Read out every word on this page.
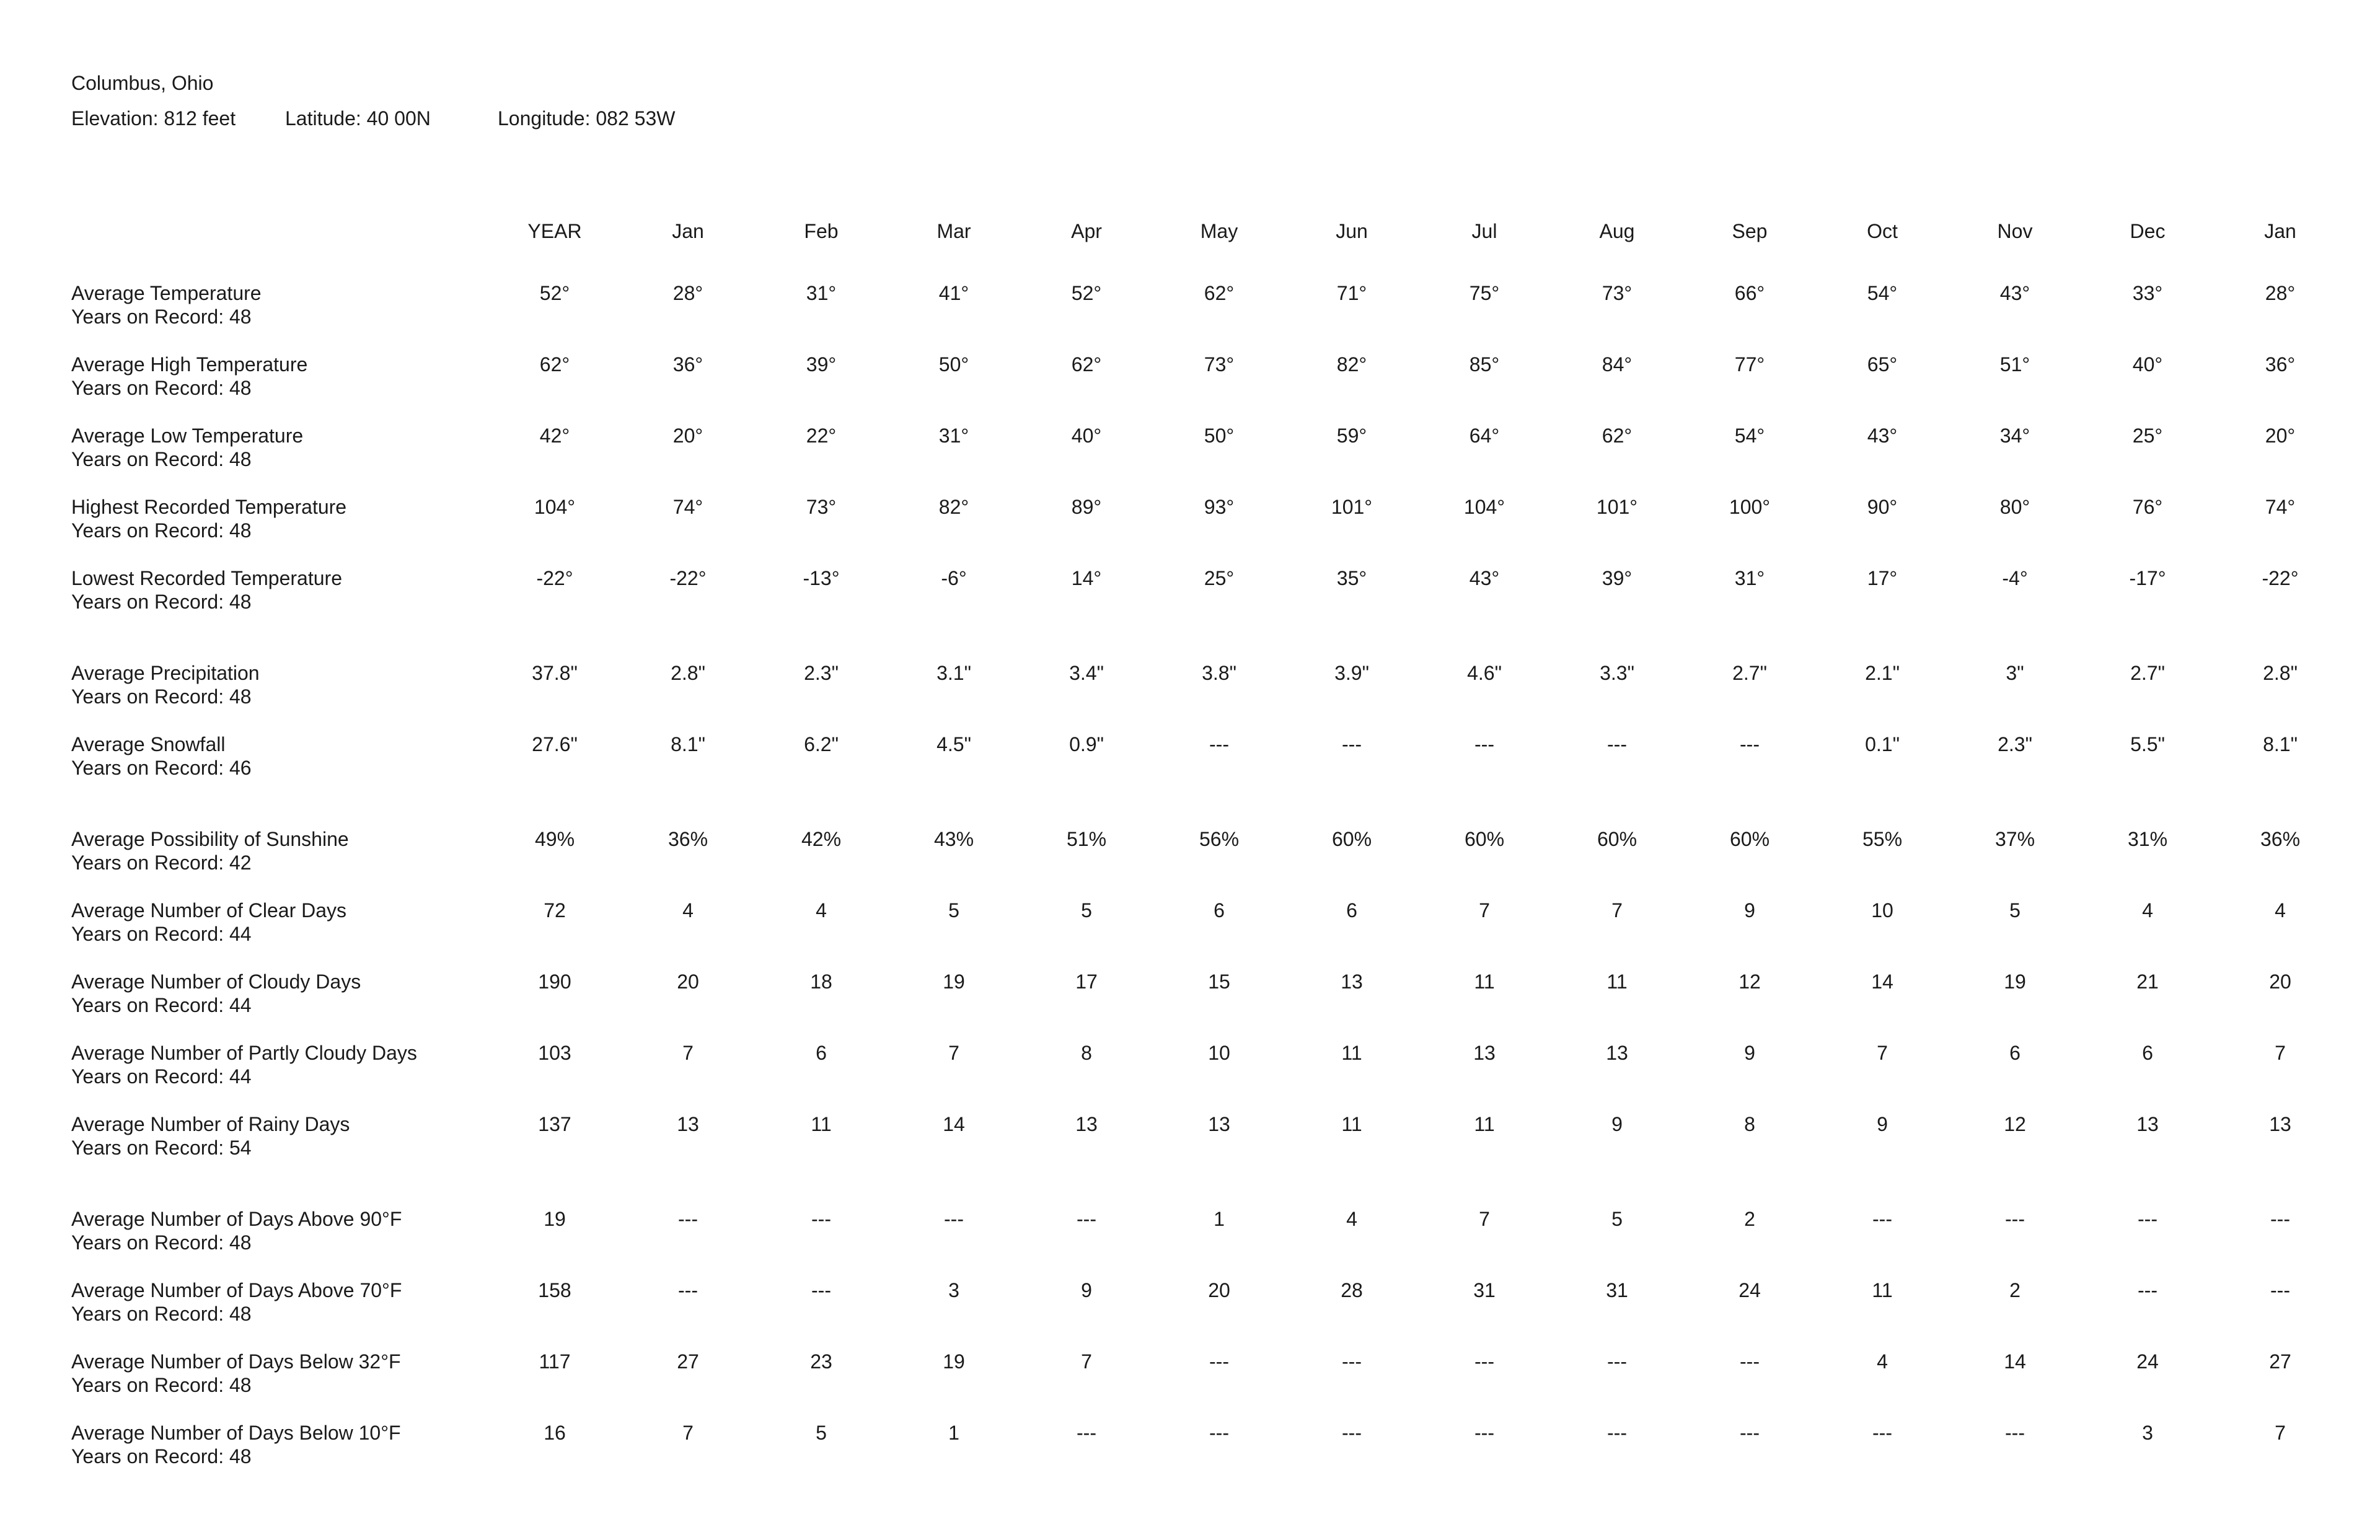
Columbus, Ohio
Elevation: 812 feet Latitude: 40 00N	Longitude: 082 53W
YEAR	Jan	Feb	Mar	Apr	May	Jun	Jul	Aug	Sep	Oct	Nov	Dec	Jan
Average Temperature
Years on Record: 48
52°	28°	31°	41°	52°	62°	71°	75°	73°	66°	54°	43°	33°	28°
Average High Temperature
Years on Record: 48
62°	36°	39°	50°	62°	73°	82°	85°	84°	77°	65°	51°	40°	36°
Average Low Temperature
Years on Record: 48
42°	20°	22°	31°	40°	50°	59°	64°	62°	54°	43°	34°	25°	20°
Highest Recorded Temperature
Years on Record: 48
104°	74°	73°	82°	89°	93°	101°	104°	101°	100°	90°	80°	76°	74°
Lowest Recorded Temperature
Years on Record: 48
-22°	-22°	-13°	-6°	14°	25°	35°	43°	39°	31°	17°	-4°	-17°	-22°
Average Precipitation
Years on Record: 48
37.8"	2.8"	2.3"	3.1"	3.4"	3.8"	3.9"	4.6"	3.3"	2.7"	2.1"	3"	2.7"	2.8"
Average Snowfall
Years on Record: 46
27.6"	8.1"	6.2"	4.5"	0.9"	---	---	---	---	---	0.1"	2.3"	5.5"	8.1"
Average Possibility of Sunshine
Years on Record: 42
49%	36%	42%	43%	51%	56%	60%	60%	60%	60%	55%	37%	31%	36%
Average Number of Clear Days
Years on Record: 44
72	4	4	5	5	6	6	7	7	9	10	5	4	4
Average Number of Cloudy Days
Years on Record: 44
190	20	18	19	17	15	13	11	11	12	14	19	21	20
Average Number of Partly Cloudy Days
Years on Record: 44
103	7	6	7	8	10	11	13	13	9	7	6	6	7
Average Number of Rainy Days
Years on Record: 54
137	13	11	14	13	13	11	11	9	8	9	12	13	13
Average Number of Days Above 90°F
Years on Record: 48
19	---	---	---	---	1	4	7	5	2	---	---	---	---
Average Number of Days Above 70°F
Years on Record: 48
158	---	---	3	9	20	28	31	31	24	11	2	---	---
Average Number of Days Below 32°F
Years on Record: 48
117	27	23	19	7	---	---	---	---	---	4	14	24	27
Average Number of Days Below 10°F
Years on Record: 48
16	7	5	1	---	---	---	---	---	---	---	---	3	7
